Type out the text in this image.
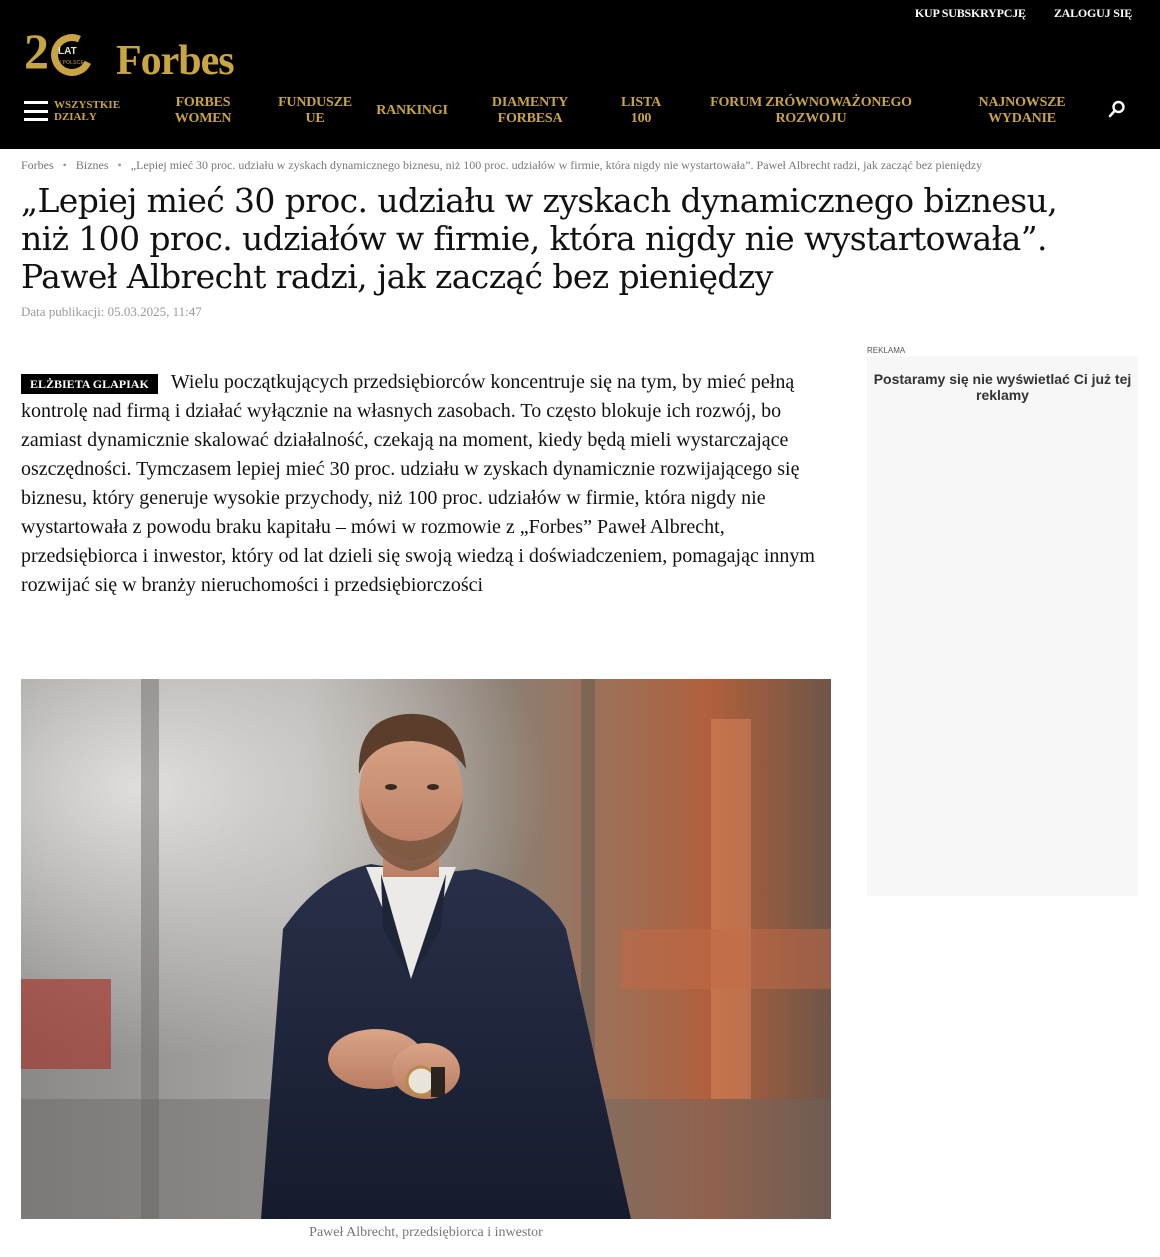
KUP SUBSKRYPCJĘ ZALOGUJ SIĘ
2 LAT
W POLSCE Forbes
WSZYSTKIE
DZIAŁY
FORBES
WOMEN
FUNDUSZE
UE
RANKINGI
DIAMENTY
FORBESA
LISTA
100
FORUM ZRÓWNOWAŻONEGO
ROZWOJU
NAJNOWSZE
WYDANIE
Forbes • Biznes • „Lepiej mieć 30 proc. udziału w zyskach dynamicznego biznesu, niż 100 proc. udziałów w firmie, która nigdy nie wystartowała”. Paweł Albrecht radzi, jak zacząć bez pieniędzy
„Lepiej mieć 30 proc. udziału w zyskach dynamicznego biznesu,
niż 100 proc. udziałów w firmie, która nigdy nie wystartowała”.
Paweł Albrecht radzi, jak zacząć bez pieniędzy
Data publikacji: 05.03.2025, 11:47
ELŻBIETA GLAPIAK	Wielu początkujących przedsiębiorców koncentruje się na tym, by mieć pełną kontrolę nad firmą i działać wyłącznie na własnych zasobach. To często blokuje ich rozwój, bo zamiast dynamicznie skalować działalność, czekają na moment, kiedy będą mieli wystarczające oszczędności. Tymczasem lepiej mieć 30 proc. udziału w zyskach dynamicznie rozwijającego się biznesu, który generuje wysokie przychody, niż 100 proc. udziałów w firmie, która nigdy nie wystartowała z powodu braku kapitału – mówi w rozmowie z „Forbes” Paweł Albrecht, przedsiębiorca i inwestor, który od lat dzieli się swoją wiedzą i doświadczeniem, pomagając innym rozwijać się w branży nieruchomości i przedsiębiorczości
Paweł Albrecht, przedsiębiorca i inwestor
REKLAMA
Postaramy się nie wyświetlać Ci już tej reklamy
